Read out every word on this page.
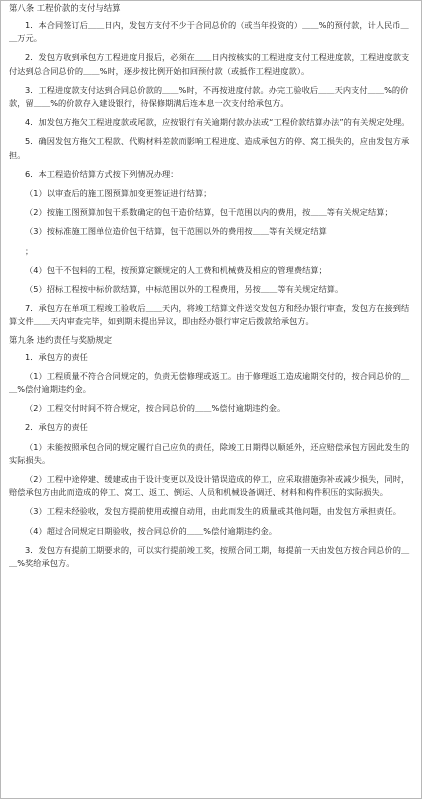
第八条 工程价款的支付与结算

1．本合同签订后＿＿日内，发包方支付不少于合同总价的（或当年投资的）＿＿%的预付款，计人民币＿＿万元。

2．发包方收到承包方工程进度月报后，必须在＿＿日内按核实的工程进度支付工程进度款，工程进度款支付达到总合同总价的＿＿%时，逐步按比例开始扣回预付款（或抵作工程进度款）。

3．工程进度款支付达到合同总价款的＿＿%时，不再按进度付款。办完工验收后＿＿天内支付＿＿%的价款，留＿＿%的价款存入建设银行，待保修期满后连本息一次支付给承包方。

4．加发包方拖欠工程进度款或尾款，应按银行有关逾期付款办法或“工程价款结算办法”的有关规定处理。

5．确因发包方拖欠工程款、代购材料差款而影响工程进度、造成承包方的停、窝工损失的，应由发包方承担。

6．本工程造价结算方式按下列情况办理：

（1）以审查后的施工图预算加变更签证进行结算；

（2）按施工图预算加包干系数确定的包干造价结算，包干范围以内的费用，按＿＿等有关规定结算；

（3）按标准施工图单位造价包干结算，包干范围以外的费用按＿＿等有关规定结算

；

（4）包干不包料的工程，按预算定额规定的人工费和机械费及相应的管理费结算；

（5）招标工程按中标价款结算，中标范围以外的工程费用，另按＿＿等有关规定结算。

7．承包方在单项工程竣工验收后＿＿天内，将竣工结算文件送交发包方和经办银行审查，发包方在接到结算文件＿＿天内审查完毕，如到期未提出异议，即由经办银行审定后拨款给承包方。

第九条 违约责任与奖励规定

1．承包方的责任

（1）工程质量不符合合同规定的，负责无偿修理或返工。由于修理返工造成逾期交付的，按合同总价的＿＿%偿付逾期违约金。

（2）工程交付时间不符合规定，按合同总价的＿＿%偿付逾期违约金。

2．承包方的责任

（1）未能按照承包合同的规定履行自己应负的责任，除竣工日期得以顺延外，还应赔偿承包方因此发生的实际损失。

（2）工程中途停建、缓建或由于设计变更以及设计错误造成的停工，应采取措施弥补或减少损失，同时，赔偿承包方由此而造成的停工、窝工、返工、倒运、人员和机械设备调迁、材料和构件积压的实际损失。

（3）工程未经验收，发包方提前使用或擅自动用，由此而发生的质量或其他问题，由发包方承担责任。

（4）超过合同规定日期验收，按合同总价的＿＿%偿付逾期违约金。

3．发包方有提前工期要求的，可以实行提前竣工奖，按照合同工期，每提前一天由发包方按合同总价的＿＿%奖给承包方。
